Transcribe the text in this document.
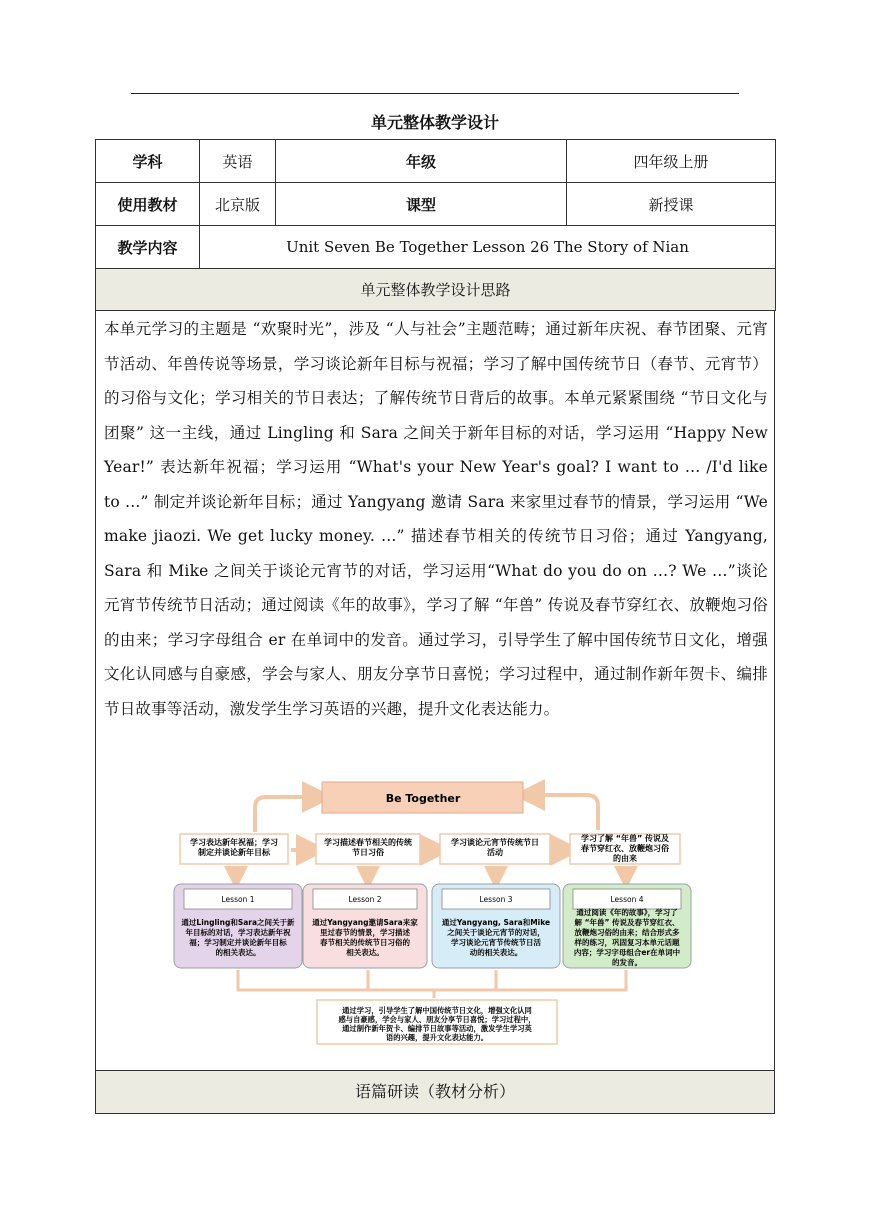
单元整体教学设计
学科	英语	年级	四年级上册
使用教材	北京版	课型	新授课
教学内容	Unit Seven Be Together Lesson 26 The Story of Nian		
单元整体教学设计思路			

本单元学习的主题是 “欢聚时光”，涉及 “人与社会”主题范畴；通过新年庆祝、春节团聚、元宵节活动、年兽传说等场景，学习谈论新年目标与祝福；学习了解中国传统节日（春节、元宵节）的习俗与文化；学习相关的节日表达；了解传统节日背后的故事。本单元紧紧围绕 “节日文化与团聚” 这一主线，通过 Lingling 和 Sara 之间关于新年目标的对话，学习运用 “Happy New Year!” 表达新年祝福；学习运用 “What's your New Year's goal? I want to ... /I'd like to ...” 制定并谈论新年目标；通过 Yangyang 邀请 Sara 来家里过春节的情景，学习运用 “We make jiaozi. We get lucky money. ...” 描述春节相关的传统节日习俗；通过 Yangyang, Sara 和 Mike 之间关于谈论元宵节的对话，学习运用“What do you do on …? We …”谈论元宵节传统节日活动；通过阅读《年的故事》，学习了解 “年兽” 传说及春节穿红衣、放鞭炮习俗的由来；学习字母组合 er 在单词中的发音。通过学习，引导学生了解中国传统节日文化，增强文化认同感与自豪感，学会与家人、朋友分享节日喜悦；学习过程中，通过制作新年贺卡、编排节日故事等活动，激发学生学习英语的兴趣，提升文化表达能力。

Be Together
学习表达新年祝福；学习
制定并谈论新年目标
学习描述春节相关的传统
节日习俗
学习谈论元宵节传统节日
活动
学习了解 “年兽” 传说及
春节穿红衣、放鞭炮习俗
的由来
Lesson 1
通过Lingling和Sara之间关于新
年目标的对话，学习表达新年祝
福；学习制定并谈论新年目标
的相关表达。
Lesson 2
通过Yangyang邀请Sara来家
里过春节的情景，学习描述
春节相关的传统节日习俗的
相关表达。
Lesson 3
通过Yangyang, Sara和Mike
之间关于谈论元宵节的对话，
学习谈论元宵节传统节日活
动的相关表达。
Lesson 4
通过阅读《年的故事》，学习了
解 “年兽” 传说及春节穿红衣、
放鞭炮习俗的由来；结合形式多
样的练习，巩固复习本单元话题
内容；学习字母组合er在单词中
的发音。
通过学习，引导学生了解中国传统节日文化，增强文化认同
感与自豪感，学会与家人、朋友分享节日喜悦；学习过程中，
通过制作新年贺卡、编排节日故事等活动，激发学生学习英
语的兴趣，提升文化表达能力。
语篇研读（教材分析）
